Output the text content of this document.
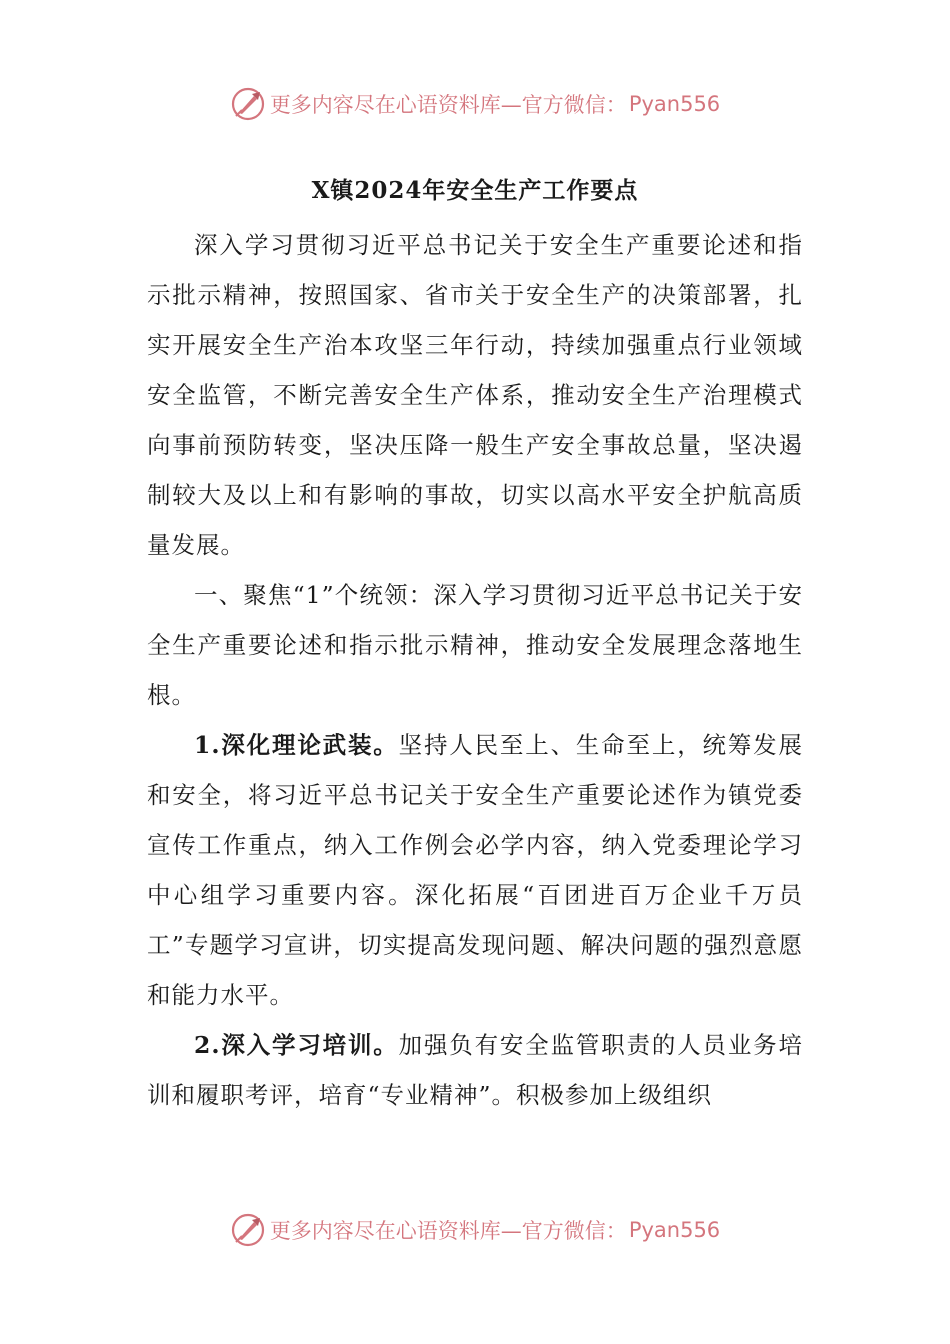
更多内容尽在心语资料库—官方微信： Pyan556
X镇2024年安全生产工作要点

深入学习贯彻习近平总书记关于安全生产重要论述和指示批示精神，按照国家、省市关于安全生产的决策部署，扎实开展安全生产治本攻坚三年行动，持续加强重点行业领域安全监管，不断完善安全生产体系，推动安全生产治理模式向事前预防转变，坚决压降一般生产安全事故总量，坚决遏制较大及以上和有影响的事故，切实以高水平安全护航高质量发展。

一、聚焦“1”个统领：深入学习贯彻习近平总书记关于安全生产重要论述和指示批示精神，推动安全发展理念落地生根。

1.深化理论武装。坚持人民至上、生命至上，统筹发展和安全，将习近平总书记关于安全生产重要论述作为镇党委宣传工作重点，纳入工作例会必学内容，纳入党委理论学习中心组学习重要内容。深化拓展“百团进百万企业千万员工”专题学习宣讲，切实提高发现问题、解决问题的强烈意愿和能力水平。

2.深入学习培训。加强负有安全监管职责的人员业务培训和履职考评，培育“专业精神”。积极参加上级组织

更多内容尽在心语资料库—官方微信： Pyan556
